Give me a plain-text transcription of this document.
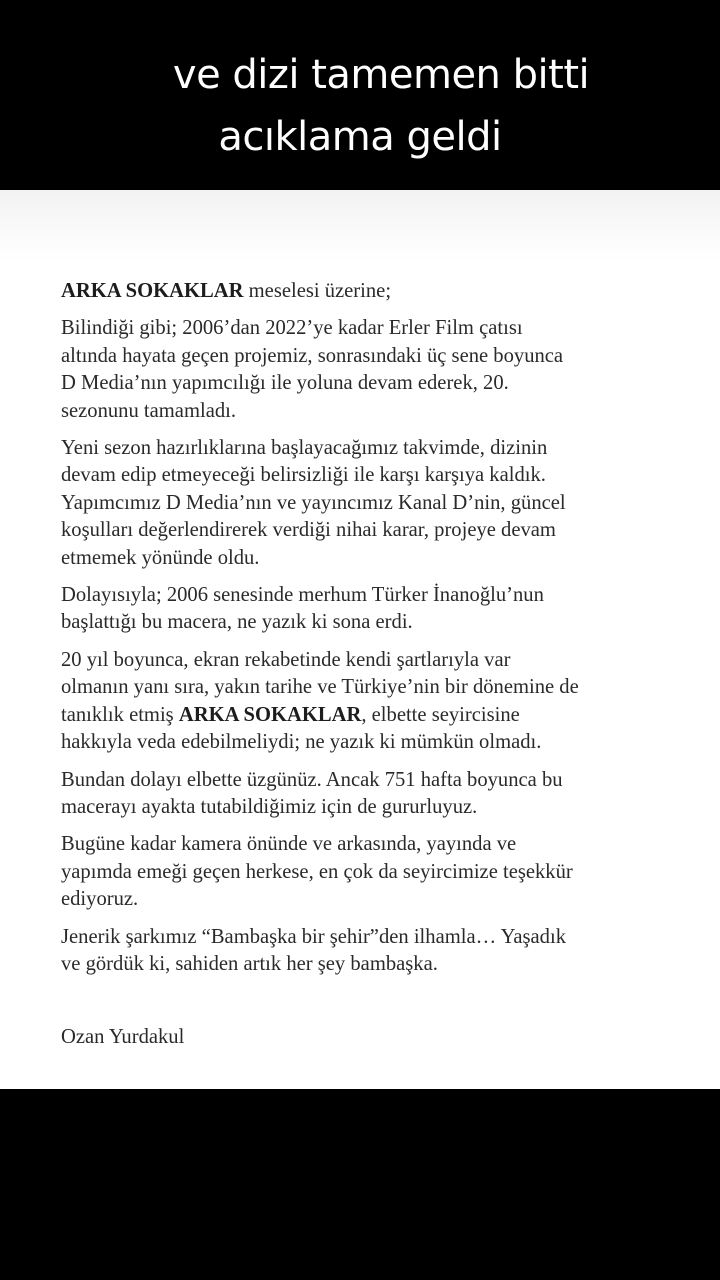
ve dizi tamemen bitti
acıklama geldi

ARKA SOKAKLAR meselesi üzerine;

Bilindiği gibi; 2006’dan 2022’ye kadar Erler Film çatısı
altında hayata geçen projemiz, sonrasındaki üç sene boyunca
D Media’nın yapımcılığı ile yoluna devam ederek, 20.
sezonunu tamamladı.

Yeni sezon hazırlıklarına başlayacağımız takvimde, dizinin
devam edip etmeyeceği belirsizliği ile karşı karşıya kaldık.
Yapımcımız D Media’nın ve yayıncımız Kanal D’nin, güncel
koşulları değerlendirerek verdiği nihai karar, projeye devam
etmemek yönünde oldu.

Dolayısıyla; 2006 senesinde merhum Türker İnanoğlu’nun
başlattığı bu macera, ne yazık ki sona erdi.

20 yıl boyunca, ekran rekabetinde kendi şartlarıyla var
olmanın yanı sıra, yakın tarihe ve Türkiye’nin bir dönemine de
tanıklık etmiş ARKA SOKAKLAR, elbette seyircisine
hakkıyla veda edebilmeliydi; ne yazık ki mümkün olmadı.

Bundan dolayı elbette üzgünüz. Ancak 751 hafta boyunca bu
macerayı ayakta tutabildiğimiz için de gururluyuz.

Bugüne kadar kamera önünde ve arkasında, yayında ve
yapımda emeği geçen herkese, en çok da seyircimize teşekkür
ediyoruz.

Jenerik şarkımız “Bambaşka bir şehir”den ilhamla… Yaşadık
ve gördük ki, sahiden artık her şey bambaşka.

Ozan Yurdakul
